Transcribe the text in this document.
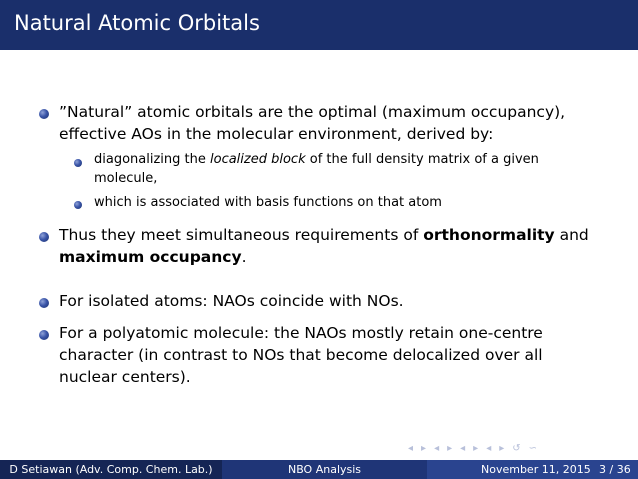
Natural Atomic Orbitals
”Natural” atomic orbitals are the optimal (maximum occupancy),
effective AOs in the molecular environment, derived by:
diagonalizing the localized block of the full density matrix of a given
molecule,
which is associated with basis functions on that atom
Thus they meet simultaneous requirements of orthonormality and
maximum occupancy.
For isolated atoms: NAOs coincide with NOs.
For a polyatomic molecule: the NAOs mostly retain one-centre
character (in contrast to NOs that become delocalized over all
nuclear centers).
◂ ▸ ◂ ▸ ◂ ▸ ◂ ▸ ↺ ∽
D Setiawan (Adv. Comp. Chem. Lab.)	NBO Analysis	November 11, 2015 3 / 36
